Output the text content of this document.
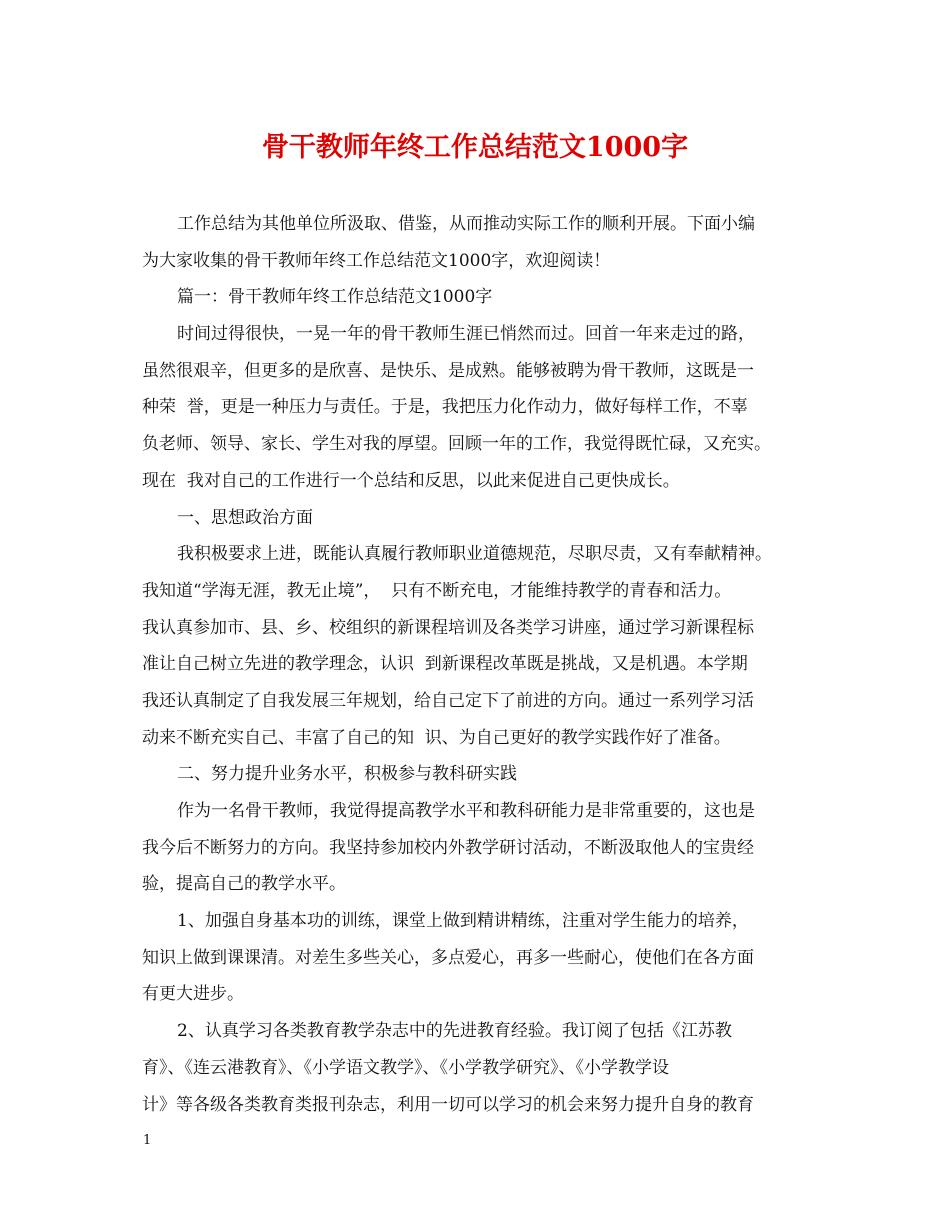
骨干教师年终工作总结范文1000字
工作总结为其他单位所汲取、借鉴，从而推动实际工作的顺利开展。下面小编
为大家收集的骨干教师年终工作总结范文1000字，欢迎阅读！
篇一：骨干教师年终工作总结范文1000字
时间过得很快，一晃一年的骨干教师生涯已悄然而过。回首一年来走过的路，
虽然很艰辛，但更多的是欣喜、是快乐、是成熟。能够被聘为骨干教师，这既是一
种荣  誉，更是一种压力与责任。于是，我把压力化作动力，做好每样工作，不辜
负老师、领导、家长、学生对我的厚望。回顾一年的工作，我觉得既忙碌，又充实。
现在  我对自己的工作进行一个总结和反思，以此来促进自己更快成长。
一、思想政治方面
我积极要求上进，既能认真履行教师职业道德规范，尽职尽责，又有奉献精神。
我知道“学海无涯，教无止境”，  只有不断充电，才能维持教学的青春和活力。
我认真参加市、县、乡、校组织的新课程培训及各类学习讲座，通过学习新课程标
准让自己树立先进的教学理念，认识  到新课程改革既是挑战，又是机遇。本学期
我还认真制定了自我发展三年规划，给自己定下了前进的方向。通过一系列学习活
动来不断充实自己、丰富了自己的知  识、为自己更好的教学实践作好了准备。
二、努力提升业务水平，积极参与教科研实践
作为一名骨干教师，我觉得提高教学水平和教科研能力是非常重要的，这也是
我今后不断努力的方向。我坚持参加校内外教学研讨活动，不断汲取他人的宝贵经
验，提高自己的教学水平。
1、加强自身基本功的训练，课堂上做到精讲精练，注重对学生能力的培养，
知识上做到课课清。对差生多些关心，多点爱心，再多一些耐心，使他们在各方面
有更大进步。
2、认真学习各类教育教学杂志中的先进教育经验。我订阅了包括《江苏教
育》、《连云港教育》、《小学语文教学》、《小学教学研究》、《小学教学设
计》等各级各类教育类报刊杂志，利用一切可以学习的机会来努力提升自身的教育
1
